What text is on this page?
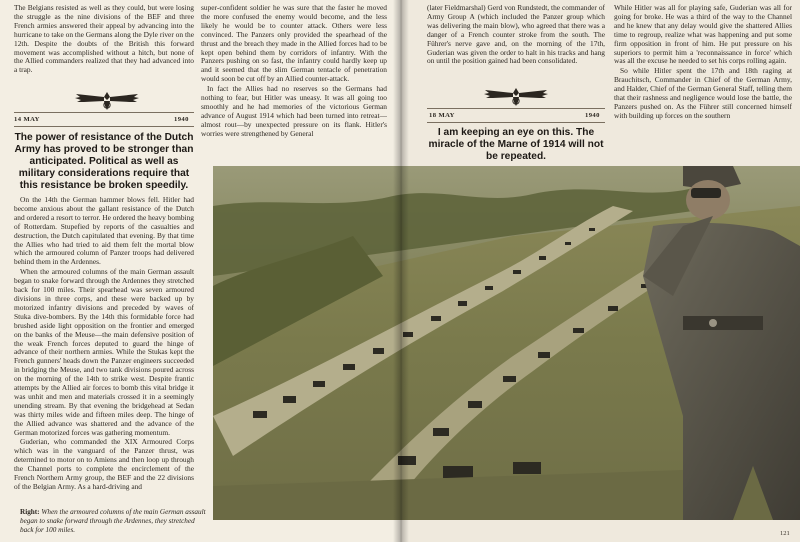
The Belgians resisted as well as they could, but were losing the struggle as the nine divisions of the BEF and three French armies answered their appeal by advancing into the hurricane to take on the Germans along the Dyle river on the 12th. Despite the doubts of the British this forward movement was accomplished without a hitch, but none of the Allied commanders realized that they had advanced into a trap.

14 MAY	1940
The power of resistance of the Dutch Army has proved to be stronger than anticipated. Political as well as military considerations require that this resistance be broken speedily.

On the 14th the German hammer blows fell. Hitler had become anxious about the gallant resistance of the Dutch and ordered a resort to terror. He ordered the heavy bombing of Rotterdam. Stupefied by reports of the casualties and destruction, the Dutch capitulated that evening. By that time the Allies who had tried to aid them felt the mortal blow which the armoured column of Panzer troops had delivered behind them in the Ardennes.

When the armoured columns of the main German assault began to snake forward through the Ardennes they stretched back for 100 miles. Their spearhead was seven armoured divisions in three corps, and these were backed up by motorized infantry divisions and preceded by waves of Stuka dive-bombers. By the 14th this formidable force had brushed aside light opposition on the frontier and emerged on the banks of the Meuse—the main defensive position of the weak French forces deputed to guard the hinge of advance of their northern armies. While the Stukas kept the French gunners' heads down the Panzer engineers succeeded in bridging the Meuse, and two tank divisions poured across on the morning of the 14th to strike west. Despite frantic attempts by the Allied air forces to bomb this vital bridge it was unhit and men and materials crossed it in a seemingly unending stream. By that evening the bridgehead at Sedan was thirty miles wide and fifteen miles deep. The hinge of the Allied advance was shattered and the advance of the German motorized forces was gathering momentum.

Guderian, who commanded the XIX Armoured Corps which was in the vanguard of the Panzer thrust, was determined to motor on to Amiens and then loop up through the Channel ports to complete the encirclement of the French Northern Army group, the BEF and the 22 divisions of the Belgian Army. As a hard-driving and

Right: When the armoured columns of the main German assault began to snake forward through the Ardennes, they stretched back for 100 miles.

super-confident soldier he was sure that the faster he moved the more confused the enemy would become, and the less likely he would be to counter attack. Others were less convinced. The Panzers only provided the spearhead of the thrust and the breach they made in the Allied forces had to be kept open behind them by corridors of infantry. With the Panzers pushing on so fast, the infantry could hardly keep up and it seemed that the slim German tentacle of penetration would soon be cut off by an Allied counter-attack.

In fact the Allies had no reserves so the Germans had nothing to fear, but Hitler was uneasy. It was all going too smoothly and he had memories of the victorious German advance of August 1914 which had been turned into retreat—almost rout—by unexpected pressure on its flank. Hitler's worries were strengthened by General

(later Fieldmarshal) Gerd von Rundstedt, the commander of Army Group A (which included the Panzer group which was delivering the main blow), who agreed that there was a danger of a French counter stroke from the south. The Führer's nerve gave and, on the morning of the 17th, Guderian was given the order to halt in his tracks and hang on until the position gained had been consolidated.

18 MAY	1940
I am keeping an eye on this. The miracle of the Marne of 1914 will not be repeated.

While Hitler was all for playing safe, Guderian was all for going for broke. He was a third of the way to the Channel and he knew that any delay would give the shattered Allies time to regroup, realize what was happening and put some firm opposition in front of him. He put pressure on his superiors to permit him a 'reconnaissance in force' which was all the excuse he needed to set his corps rolling again.

So while Hitler spent the 17th and 18th raging at Brauchitsch, Commander in Chief of the German Army, and Halder, Chief of the German General Staff, telling them that their rashness and negligence would lose the battle, the Panzers pushed on. As the Führer still concerned himself with building up forces on the southern

121
